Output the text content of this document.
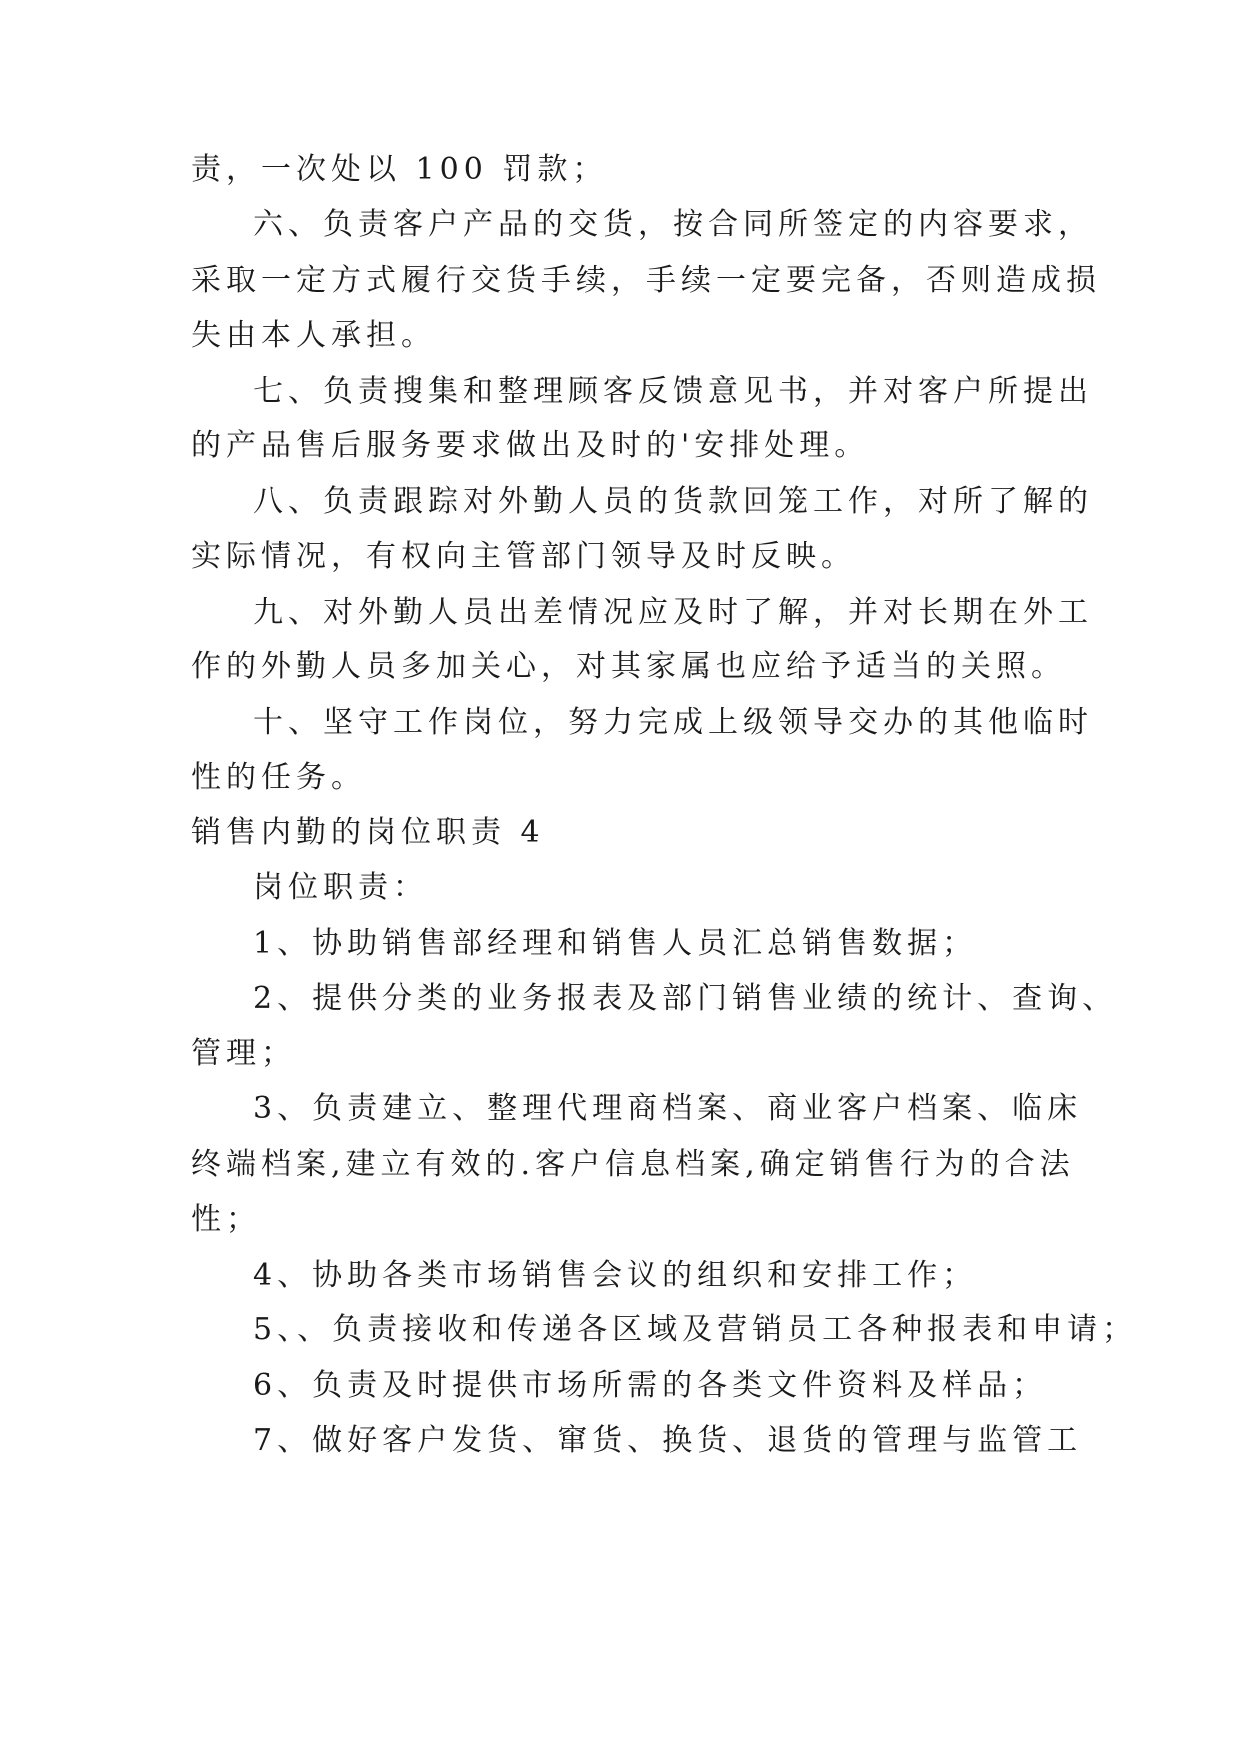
责，一次处以 100 罚款；
六、负责客户产品的交货，按合同所签定的内容要求，
采取一定方式履行交货手续，手续一定要完备，否则造成损
失由本人承担。
七、负责搜集和整理顾客反馈意见书，并对客户所提出
的产品售后服务要求做出及时的'安排处理。
八、负责跟踪对外勤人员的货款回笼工作，对所了解的
实际情况，有权向主管部门领导及时反映。
九、对外勤人员出差情况应及时了解，并对长期在外工
作的外勤人员多加关心，对其家属也应给予适当的关照。
十、坚守工作岗位，努力完成上级领导交办的其他临时
性的任务。
销售内勤的岗位职责 4
岗位职责：
1、协助销售部经理和销售人员汇总销售数据；
2、提供分类的业务报表及部门销售业绩的统计、查询、
管理；
3、负责建立、整理代理商档案、商业客户档案、临床
终端档案,建立有效的.客户信息档案,确定销售行为的合法
性；
4、协助各类市场销售会议的组织和安排工作；
5、、负责接收和传递各区域及营销员工各种报表和申请；
6、负责及时提供市场所需的各类文件资料及样品；
7、做好客户发货、窜货、换货、退货的管理与监管工
